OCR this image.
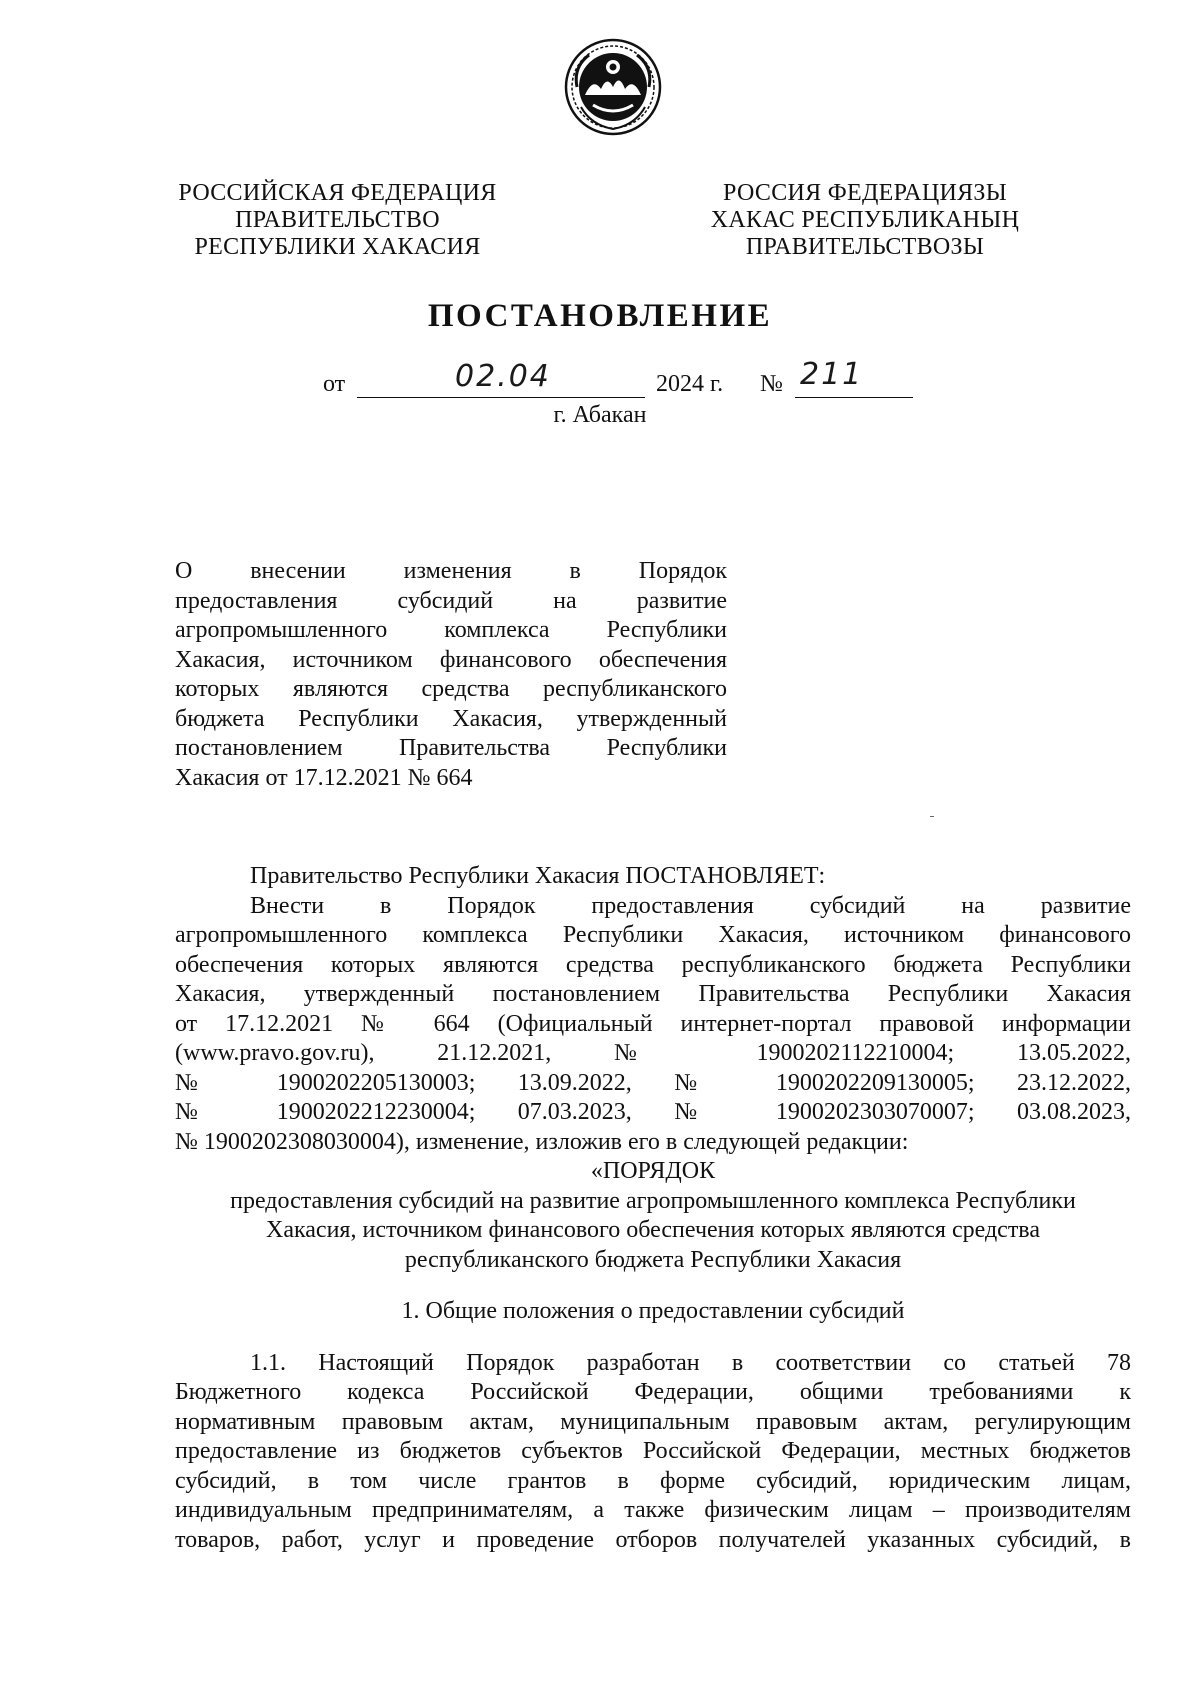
РОССИЙСКАЯ ФЕДЕРАЦИЯ
ПРАВИТЕЛЬСТВО
РЕСПУБЛИКИ ХАКАСИЯ
РОССИЯ ФЕДЕРАЦИЯЗЫ
ХАКАС РЕСПУБЛИКАНЫҢ
ПРАВИТЕЛЬСТВОЗЫ
ПОСТАНОВЛЕНИЕ
от	02.04	2024 г. № 211
г. Абакан
О внесении изменения в Порядок
предоставления субсидий на развитие
агропромышленного комплекса Республики
Хакасия, источником финансового обеспечения
которых являются средства республиканского
бюджета Республики Хакасия, утвержденный
постановлением Правительства Республики
Хакасия от 17.12.2021 № 664
Правительство Республики Хакасия ПОСТАНОВЛЯЕТ:
Внести в Порядок предоставления субсидий на развитие
агропромышленного комплекса Республики Хакасия, источником финансового
обеспечения которых являются средства республиканского бюджета Республики
Хакасия, утвержденный постановлением Правительства Республики Хакасия
от 17.12.2021 № 664 (Официальный интернет-портал правовой информации
(www.pravo.gov.ru), 21.12.2021, № 1900202112210004; 13.05.2022,
№ 1900202205130003; 13.09.2022, № 1900202209130005; 23.12.2022,
№ 1900202212230004; 07.03.2023, № 1900202303070007; 03.08.2023,
№ 1900202308030004), изменение, изложив его в следующей редакции:
«ПОРЯДОК
предоставления субсидий на развитие агропромышленного комплекса Республики
Хакасия, источником финансового обеспечения которых являются средства
республиканского бюджета Республики Хакасия
1. Общие положения о предоставлении субсидий
1.1. Настоящий Порядок разработан в соответствии со статьей 78
Бюджетного кодекса Российской Федерации, общими требованиями к
нормативным правовым актам, муниципальным правовым актам, регулирующим
предоставление из бюджетов субъектов Российской Федерации, местных бюджетов
субсидий, в том числе грантов в форме субсидий, юридическим лицам,
индивидуальным предпринимателям, а также физическим лицам – производителям
товаров, работ, услуг и проведение отборов получателей указанных субсидий, в
